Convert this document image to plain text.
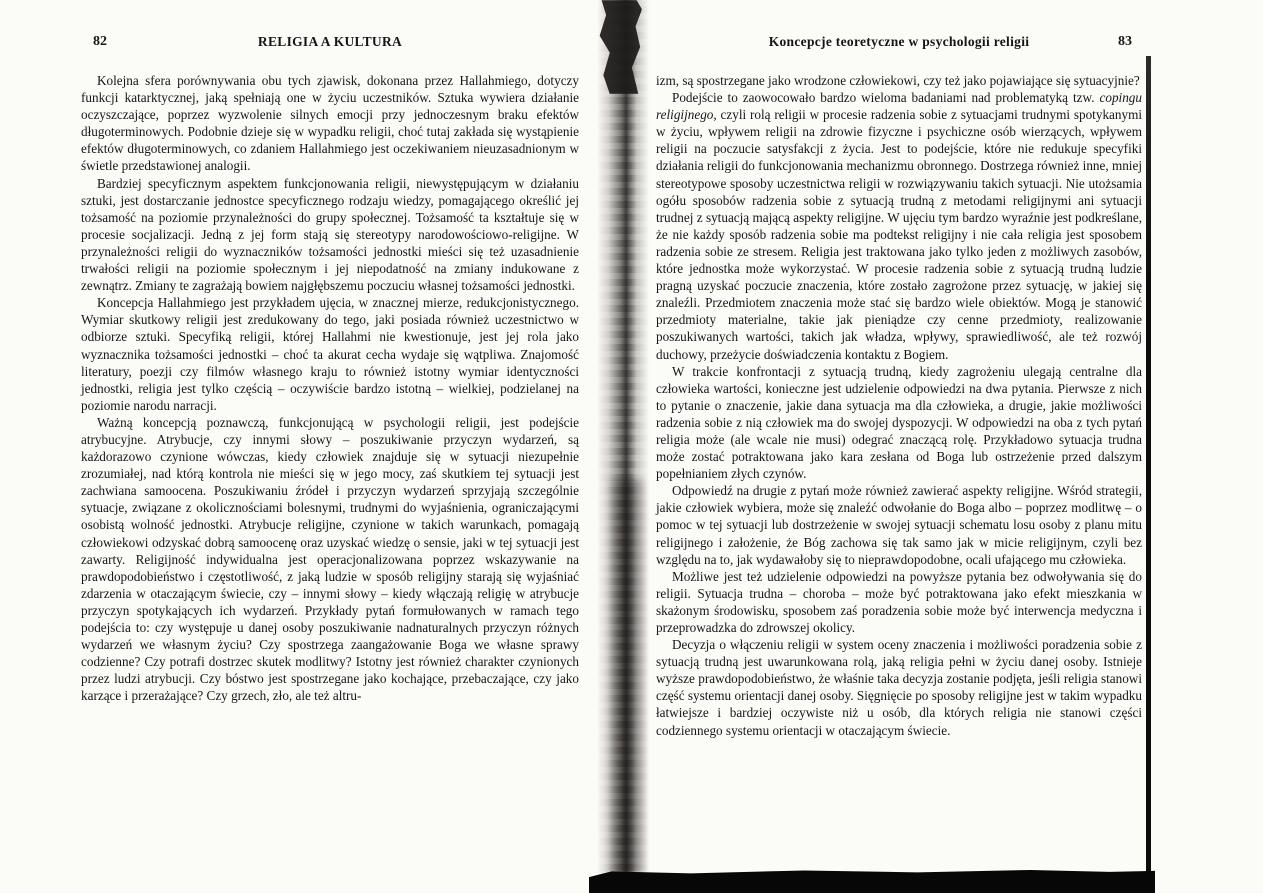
82	RELIGIA A KULTURA

Kolejna sfera porównywania obu tych zjawisk, dokonana przez Hallahmiego, dotyczy funkcji katarktycznej, jaką spełniają one w życiu uczestników. Sztuka wywiera działanie oczyszczające, poprzez wyzwolenie silnych emocji przy jednoczesnym braku efektów długoterminowych. Podobnie dzieje się w wypadku religii, choć tutaj zakłada się wystąpienie efektów długoterminowych, co zdaniem Hallahmiego jest oczekiwaniem nieuzasadnionym w świetle przedstawionej analogii.

Bardziej specyficznym aspektem funkcjonowania religii, niewystępującym w działaniu sztuki, jest dostarczanie jednostce specyficznego rodzaju wiedzy, pomagającego określić jej tożsamość na poziomie przynależności do grupy społecznej. Tożsamość ta kształtuje się w procesie socjalizacji. Jedną z jej form stają się stereotypy narodowościowo-religijne. W przynależności religii do wyznaczników tożsamości jednostki mieści się też uzasadnienie trwałości religii na poziomie społecznym i jej niepodatność na zmiany indukowane z zewnątrz. Zmiany te zagrażają bowiem najgłębszemu poczuciu własnej tożsamości jednostki.

Koncepcja Hallahmiego jest przykładem ujęcia, w znacznej mierze, redukcjonistycznego. Wymiar skutkowy religii jest zredukowany do tego, jaki posiada również uczestnictwo w odbiorze sztuki. Specyfiką religii, której Hallahmi nie kwestionuje, jest jej rola jako wyznacznika tożsamości jednostki – choć ta akurat cecha wydaje się wątpliwa. Znajomość literatury, poezji czy filmów własnego kraju to również istotny wymiar identyczności jednostki, religia jest tylko częścią – oczywiście bardzo istotną – wielkiej, podzielanej na poziomie narodu narracji.

Ważną koncepcją poznawczą, funkcjonującą w psychologii religii, jest podejście atrybucyjne. Atrybucje, czy innymi słowy – poszukiwanie przyczyn wydarzeń, są każdorazowo czynione wówczas, kiedy człowiek znajduje się w sytuacji niezupełnie zrozumiałej, nad którą kontrola nie mieści się w jego mocy, zaś skutkiem tej sytuacji jest zachwiana samoocena. Poszukiwaniu źródeł i przyczyn wydarzeń sprzyjają szczególnie sytuacje, związane z okolicznościami bolesnymi, trudnymi do wyjaśnienia, ograniczającymi osobistą wolność jednostki. Atrybucje religijne, czynione w takich warunkach, pomagają człowiekowi odzyskać dobrą samoocenę oraz uzyskać wiedzę o sensie, jaki w tej sytuacji jest zawarty. Religijność indywidualna jest operacjonalizowana poprzez wskazywanie na prawdopodobieństwo i częstotliwość, z jaką ludzie w sposób religijny starają się wyjaśniać zdarzenia w otaczającym świecie, czy – innymi słowy – kiedy włączają religię w atrybucje przyczyn spotykających ich wydarzeń. Przykłady pytań formułowanych w ramach tego podejścia to: czy występuje u danej osoby poszukiwanie nadnaturalnych przyczyn różnych wydarzeń we własnym życiu? Czy spostrzega zaangażowanie Boga we własne sprawy codzienne? Czy potrafi dostrzec skutek modlitwy? Istotny jest również charakter czynionych przez ludzi atrybucji. Czy bóstwo jest spostrzegane jako kochające, przebaczające, czy jako karzące i przerażające? Czy grzech, zło, ale też altru-

Koncepcje teoretyczne w psychologii religii	83

izm, są spostrzegane jako wrodzone człowiekowi, czy też jako pojawiające się sytuacyjnie?

Podejście to zaowocowało bardzo wieloma badaniami nad problematyką tzw. copingu religijnego, czyli rolą religii w procesie radzenia sobie z sytuacjami trudnymi spotykanymi w życiu, wpływem religii na zdrowie fizyczne i psychiczne osób wierzących, wpływem religii na poczucie satysfakcji z życia. Jest to podejście, które nie redukuje specyfiki działania religii do funkcjonowania mechanizmu obronnego. Dostrzega również inne, mniej stereotypowe sposoby uczestnictwa religii w rozwiązywaniu takich sytuacji. Nie utożsamia ogółu sposobów radzenia sobie z sytuacją trudną z metodami religijnymi ani sytuacji trudnej z sytuacją mającą aspekty religijne. W ujęciu tym bardzo wyraźnie jest podkreślane, że nie każdy sposób radzenia sobie ma podtekst religijny i nie cała religia jest sposobem radzenia sobie ze stresem. Religia jest traktowana jako tylko jeden z możliwych zasobów, które jednostka może wykorzystać. W procesie radzenia sobie z sytuacją trudną ludzie pragną uzyskać poczucie znaczenia, które zostało zagrożone przez sytuację, w jakiej się znaleźli. Przedmiotem znaczenia może stać się bardzo wiele obiektów. Mogą je stanowić przedmioty materialne, takie jak pieniądze czy cenne przedmioty, realizowanie poszukiwanych wartości, takich jak władza, wpływy, sprawiedliwość, ale też rozwój duchowy, przeżycie doświadczenia kontaktu z Bogiem.

W trakcie konfrontacji z sytuacją trudną, kiedy zagrożeniu ulegają centralne dla człowieka wartości, konieczne jest udzielenie odpowiedzi na dwa pytania. Pierwsze z nich to pytanie o znaczenie, jakie dana sytuacja ma dla człowieka, a drugie, jakie możliwości radzenia sobie z nią człowiek ma do swojej dyspozycji. W odpowiedzi na oba z tych pytań religia może (ale wcale nie musi) odegrać znaczącą rolę. Przykładowo sytuacja trudna może zostać potraktowana jako kara zesłana od Boga lub ostrzeżenie przed dalszym popełnianiem złych czynów.

Odpowiedź na drugie z pytań może również zawierać aspekty religijne. Wśród strategii, jakie człowiek wybiera, może się znaleźć odwołanie do Boga albo – poprzez modlitwę – o pomoc w tej sytuacji lub dostrzeżenie w swojej sytuacji schematu losu osoby z planu mitu religijnego i założenie, że Bóg zachowa się tak samo jak w micie religijnym, czyli bez względu na to, jak wydawałoby się to nieprawdopodobne, ocali ufającego mu człowieka.

Możliwe jest też udzielenie odpowiedzi na powyższe pytania bez odwoływania się do religii. Sytuacja trudna – choroba – może być potraktowana jako efekt mieszkania w skażonym środowisku, sposobem zaś poradzenia sobie może być interwencja medyczna i przeprowadzka do zdrowszej okolicy.

Decyzja o włączeniu religii w system oceny znaczenia i możliwości poradzenia sobie z sytuacją trudną jest uwarunkowana rolą, jaką religia pełni w życiu danej osoby. Istnieje wyższe prawdopodobieństwo, że właśnie taka decyzja zostanie podjęta, jeśli religia stanowi część systemu orientacji danej osoby. Sięgnięcie po sposoby religijne jest w takim wypadku łatwiejsze i bardziej oczywiste niż u osób, dla których religia nie stanowi części codziennego systemu orientacji w otaczającym świecie.
